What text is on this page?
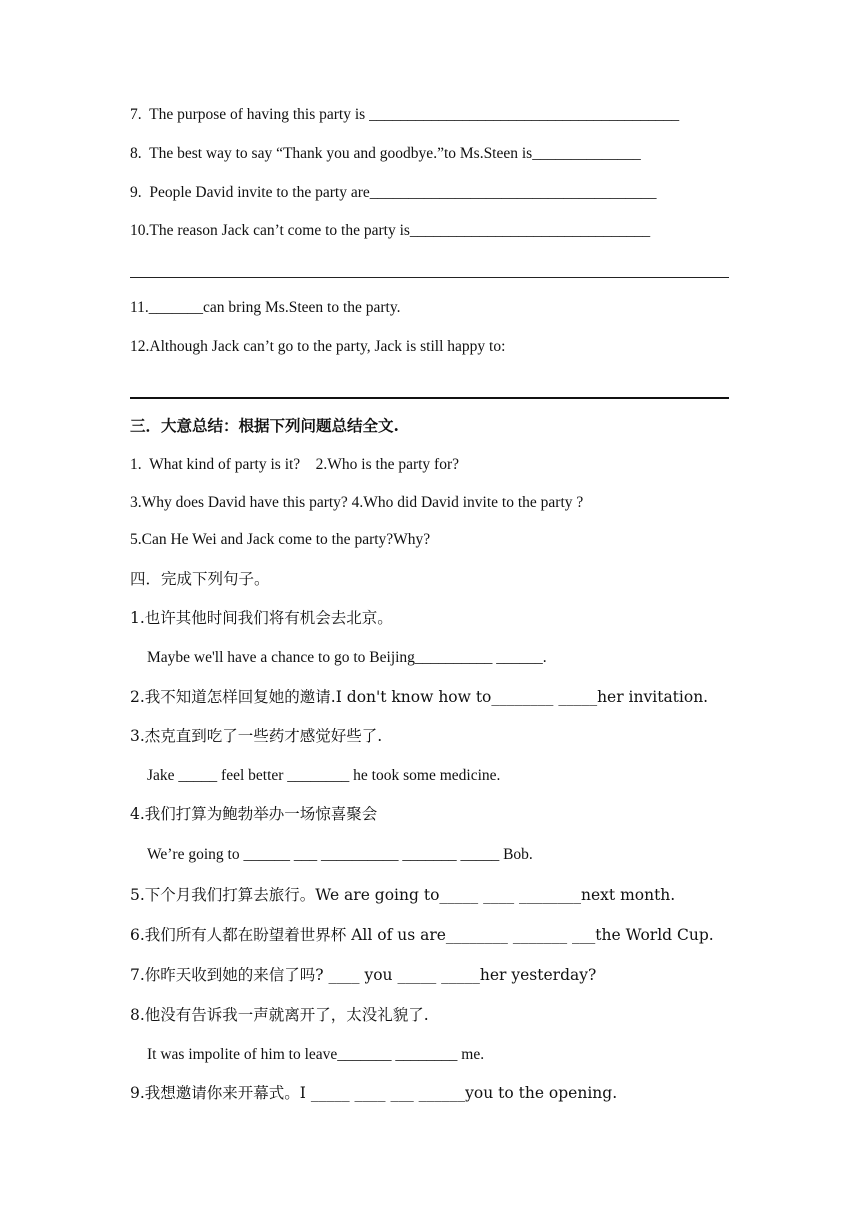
7.  The purpose of having this party is ________________________________________
8.  The best way to say “Thank you and goodbye.”to Ms.Steen is______________
9.  People David invite to the party are_____________________________________
10.The reason Jack can’t come to the party is_______________________________
11._______can bring Ms.Steen to the party.
12.Although Jack can’t go to the party, Jack is still happy to:
三．大意总结：根据下列问题总结全文.
1.  What kind of party is it?    2.Who is the party for?
3.Why does David have this party? 4.Who did David invite to the party ?
5.Can He Wei and Jack come to the party?Why?
四．完成下列句子。
1.也许其他时间我们将有机会去北京。
Maybe we'll have a chance to go to Beijing__________ ______.
2.我不知道怎样回复她的邀请.I don't know how to________ _____her invitation.
3.杰克直到吃了一些药才感觉好些了.
Jake _____ feel better ________ he took some medicine.
4.我们打算为鲍勃举办一场惊喜聚会
We’re going to ______ ___ __________ _______ _____ Bob.
5.下个月我们打算去旅行。We are going to_____ ____ ________next month.
6.我们所有人都在盼望着世界杯 All of us are________ _______ ___the World Cup.
7.你昨天收到她的来信了吗? ____ you _____ _____her yesterday?
8.他没有告诉我一声就离开了，太没礼貌了.
It was impolite of him to leave_______ ________ me.
9.我想邀请你来开幕式。I _____ ____ ___ ______you to the opening.
